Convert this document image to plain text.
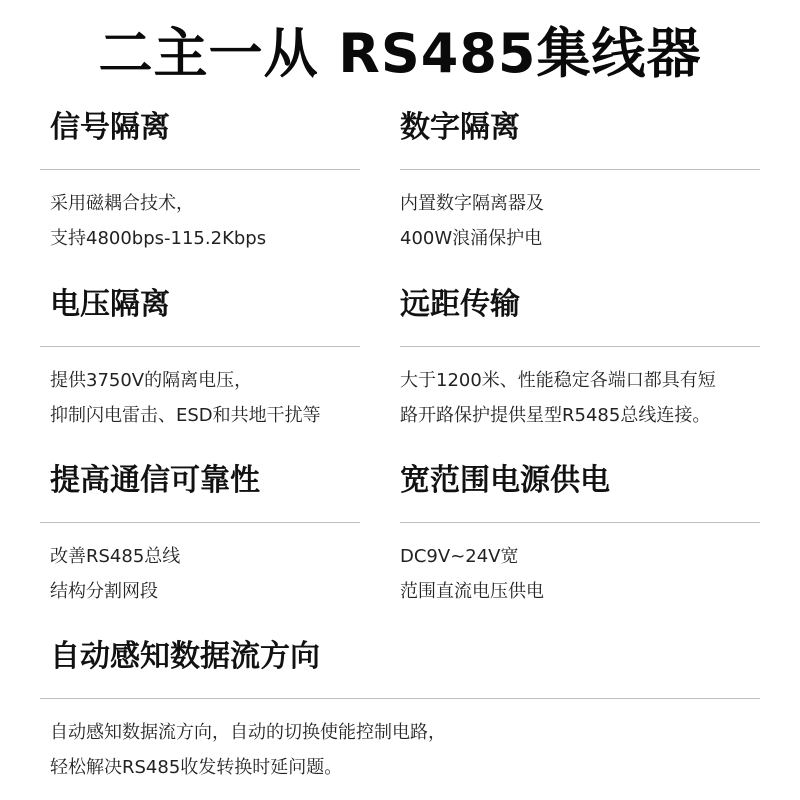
二主一从 RS485集线器
信号隔离
采用磁耦合技术，
支持4800bps-115.2Kbps
数字隔离
内置数字隔离器及
400W浪涌保护电
电压隔离
提供3750V的隔离电压，
抑制闪电雷击、ESD和共地干扰等
远距传输
大于1200米、性能稳定各端口都具有短
路开路保护提供星型R5485总线连接。
提高通信可靠性
改善RS485总线
结构分割网段
宽范围电源供电
DC9V~24V宽
范围直流电压供电
自动感知数据流方向
自动感知数据流方向，自动的切换使能控制电路，
轻松解决RS485收发转换时延问题。
